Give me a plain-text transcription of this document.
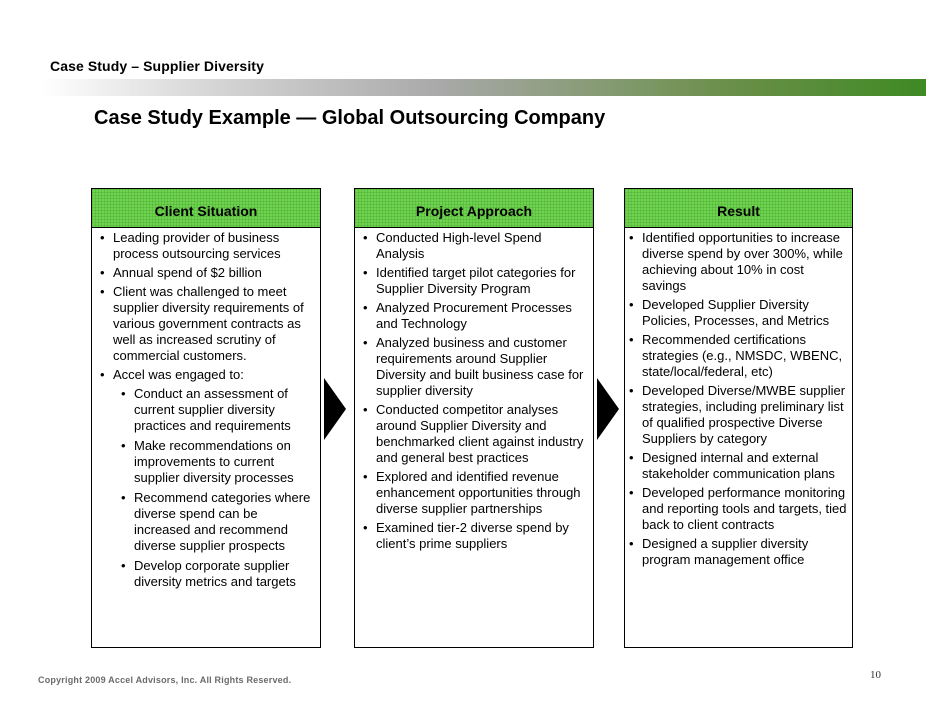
Case Study – Supplier Diversity
Case Study Example — Global Outsourcing Company
Client Situation
• Leading provider of business process outsourcing services
• Annual spend of $2 billion
• Client was challenged to meet supplier diversity requirements of various government contracts as well as increased scrutiny of commercial customers.
• Accel was engaged to:
• Conduct an assessment of current supplier diversity practices and requirements
• Make recommendations on improvements to current supplier diversity processes
• Recommend categories where diverse spend can be increased and recommend diverse supplier prospects
• Develop corporate supplier diversity metrics and targets
Project Approach
• Conducted High-level Spend Analysis
• Identified target pilot categories for Supplier Diversity Program
• Analyzed Procurement Processes and Technology
• Analyzed business and customer requirements around Supplier Diversity and built business case for supplier diversity
• Conducted competitor analyses around Supplier Diversity and benchmarked client against industry and general best practices
• Explored and identified revenue enhancement opportunities through diverse supplier partnerships
• Examined tier-2 diverse spend by client’s prime suppliers
Result
• Identified opportunities to increase diverse spend by over 300%, while achieving about 10% in cost savings
• Developed Supplier Diversity Policies, Processes, and Metrics
• Recommended certifications strategies (e.g., NMSDC, WBENC, state/local/federal, etc)
• Developed Diverse/MWBE supplier strategies, including preliminary list of qualified prospective Diverse Suppliers by category
• Designed internal and external stakeholder communication plans
• Developed performance monitoring and reporting tools and targets, tied back to client contracts
• Designed a supplier diversity program management office
Copyright 2009 Accel Advisors, Inc. All Rights Reserved.	10
